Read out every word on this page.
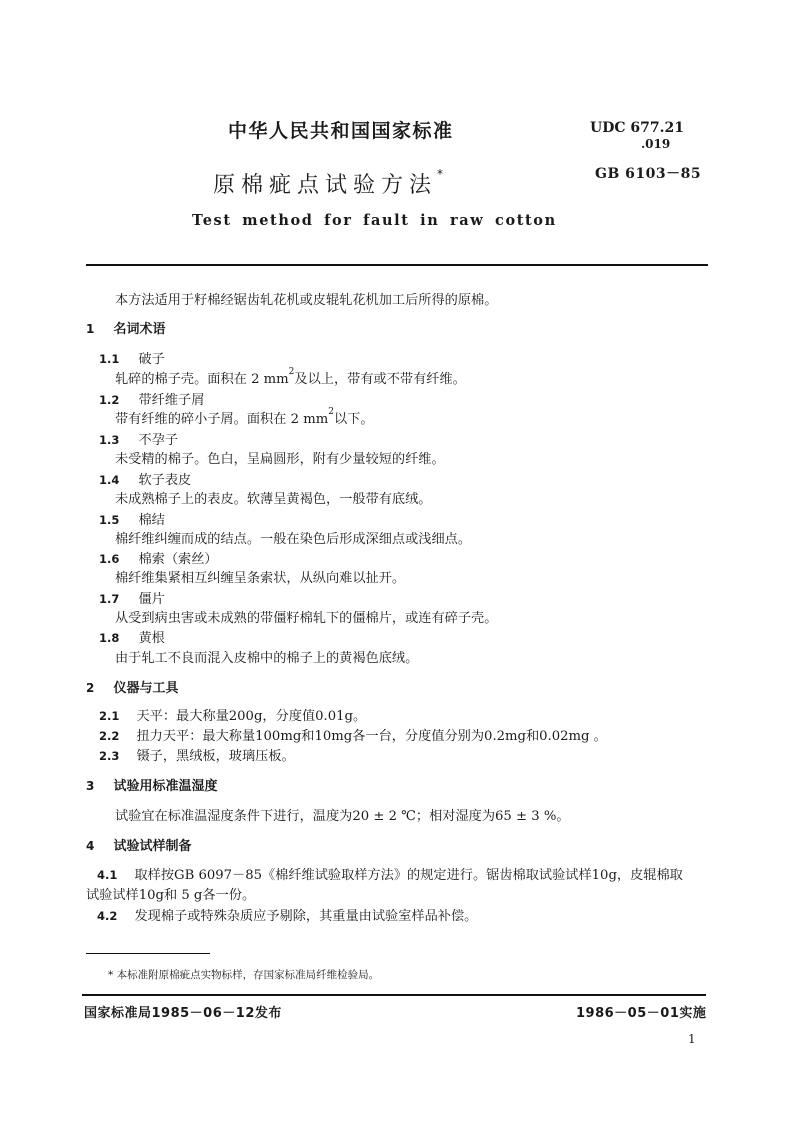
中华人民共和国国家标准	UDC 677.21
.019
GB 6103－85
原棉疵点试验方法*
Test method for fault in raw cotton
本方法适用于籽棉经锯齿轧花机或皮辊轧花机加工后所得的原棉。
1 名词术语
1.1 破子
轧碎的棉子壳。面积在 2 $mm^2$及以上，带有或不带有纤维。
1.2 带纤维子屑
带有纤维的碎小子屑。面积在 2 $mm^2$以下。
1.3 不孕子
未受精的棉子。色白，呈扁圆形，附有少量较短的纤维。
1.4 软子表皮
未成熟棉子上的表皮。软薄呈黄褐色，一般带有底绒。
1.5 棉结
棉纤维纠缠而成的结点。一般在染色后形成深细点或浅细点。
1.6 棉索（索丝）
棉纤维集紧相互纠缠呈条索状，从纵向难以扯开。
1.7 僵片
从受到病虫害或未成熟的带僵籽棉轧下的僵棉片，或连有碎子壳。
1.8 黄根
由于轧工不良而混入皮棉中的棉子上的黄褐色底绒。
2 仪器与工具
2.1 天平：最大称量200g，分度值0.01g。
2.2 扭力天平：最大称量100mg和10mg各一台，分度值分别为0.2mg和0.02mg 。
2.3 镊子，黑绒板，玻璃压板。
3 试验用标准温湿度
试验宜在标准温湿度条件下进行，温度为20 ± 2 ℃；相对湿度为65 ± 3 %。
4 试验试样制备
4.1 取样按GB 6097－85《棉纤维试验取样方法》的规定进行。锯齿棉取试验试样10g，皮辊棉取
试验试样10g和 5 g各一份。
4.2 发现棉子或特殊杂质应予剔除，其重量由试验室样品补偿。
* 本标准附原棉疵点实物标样，存国家标准局纤维检验局。
国家标准局1985－06－12发布	1986－05－01实施
1
